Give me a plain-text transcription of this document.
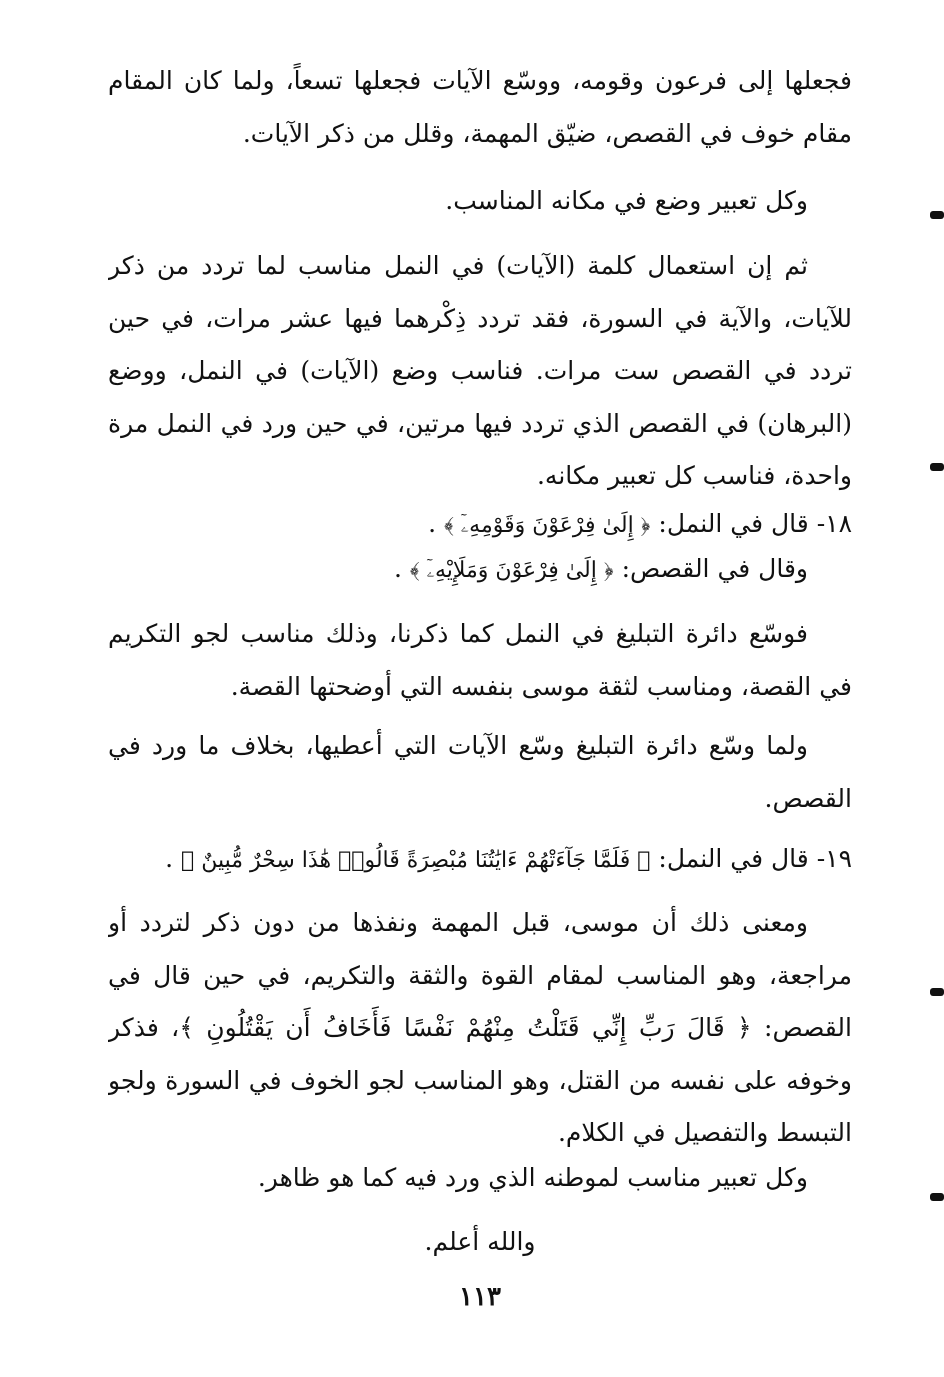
فجعلها إلى فرعون وقومه، ووسّع الآيات فجعلها تسعاً، ولما كان المقام
مقام خوف في القصص، ضيّق المهمة، وقلل من ذكر الآيات.

وكل تعبير وضع في مكانه المناسب.

ثم إن استعمال كلمة (الآيات) في النمل مناسب لما تردد من ذكر
للآيات، والآية في السورة، فقد تردد ذِكْرهما فيها عشر مرات، في حين
تردد في القصص ست مرات. فناسب وضع (الآيات) في النمل، ووضع
(البرهان) في القصص الذي تردد فيها مرتين، في حين ورد في النمل مرة
واحدة، فناسب كل تعبير مكانه.

١٨- قال في النمل: ﴿ إِلَىٰ فِرْعَوْنَ وَقَوْمِهِۦٓ ﴾ .
وقال في القصص: ﴿ إِلَىٰ فِرْعَوْنَ وَمَلَإِيْهِۦٓ ﴾ .

فوسّع دائرة التبليغ في النمل كما ذكرنا، وذلك مناسب لجو التكريم
في القصة، ومناسب لثقة موسى بنفسه التي أوضحتها القصة.

ولما وسّع دائرة التبليغ وسّع الآيات التي أعطيها، بخلاف ما ورد في
القصص.

١٩- قال في النمل: ﴿ فَلَمَّا جَآءَتْهُمْ ءَايَٰتُنَا مُبْصِرَةً قَالُوا۟ هَٰذَا سِحْرٌ مُّبِينٌ ﴾ .

ومعنى ذلك أن موسى، قبل المهمة ونفذها من دون ذكر لتردد أو
مراجعة، وهو المناسب لمقام القوة والثقة والتكريم، في حين قال في
القصص: ﴿ قَالَ رَبِّ إِنِّي قَتَلْتُ مِنْهُمْ نَفْسًا فَأَخَافُ أَن يَقْتُلُونِ ﴾، فذكر
وخوفه على نفسه من القتل، وهو المناسب لجو الخوف في السورة ولجو
التبسط والتفصيل في الكلام.

وكل تعبير مناسب لموطنه الذي ورد فيه كما هو ظاهر.

والله أعلم.
١١٣
